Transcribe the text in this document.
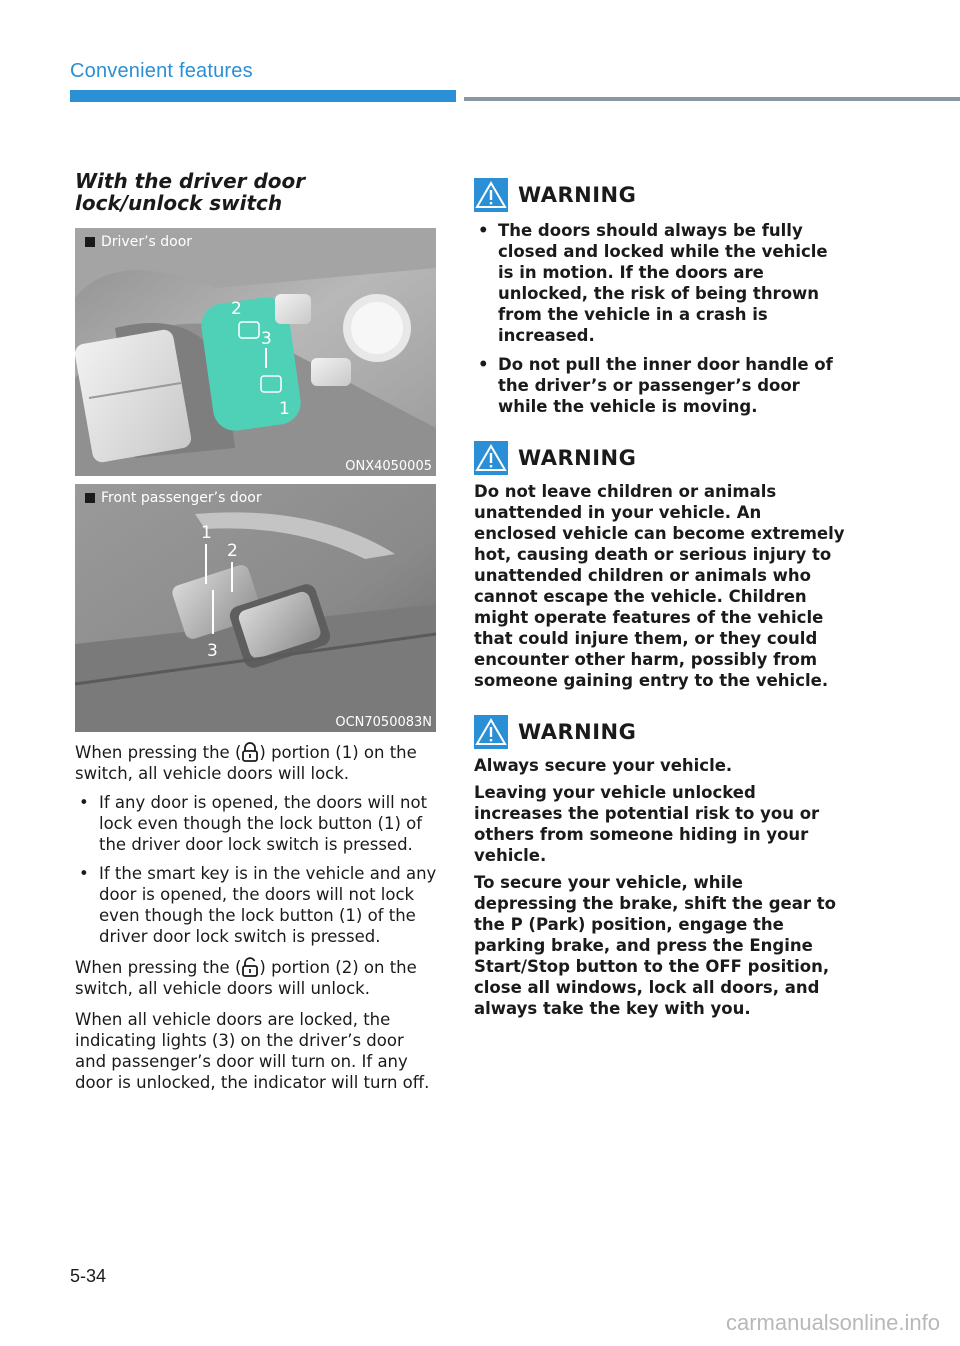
Convenient features
With the driver door lock/unlock switch
2
3
1
Driver’s door
ONX4050005
1
2
3
Front passenger’s door
OCN7050083N
When pressing the ( ) portion (1) on the switch, all vehicle doors will lock.
• If any door is opened, the doors will not lock even though the lock button (1) of the driver door lock switch is pressed.
• If the smart key is in the vehicle and any door is opened, the doors will not lock even though the lock button (1) of the driver door lock switch is pressed.
When pressing the ( ) portion (2) on the switch, all vehicle doors will unlock.
When all vehicle doors are locked, the indicating lights (3) on the driver’s door and passenger’s door will turn on. If any door is unlocked, the indicator will turn off.
WARNING
• The doors should always be fully closed and locked while the vehicle is in motion. If the doors are unlocked, the risk of being thrown from the vehicle in a crash is increased.
• Do not pull the inner door handle of the driver’s or passenger’s door while the vehicle is moving.
WARNING
Do not leave children or animals unattended in your vehicle. An enclosed vehicle can become extremely hot, causing death or serious injury to unattended children or animals who cannot escape the vehicle. Children might operate features of the vehicle that could injure them, or they could encounter other harm, possibly from someone gaining entry to the vehicle.
WARNING
Always secure your vehicle.
Leaving your vehicle unlocked increases the potential risk to you or others from someone hiding in your vehicle.
To secure your vehicle, while depressing the brake, shift the gear to the P (Park) position, engage the parking brake, and press the Engine Start/Stop button to the OFF position, close all windows, lock all doors, and always take the key with you.
5-34
carmanualsonline.info
